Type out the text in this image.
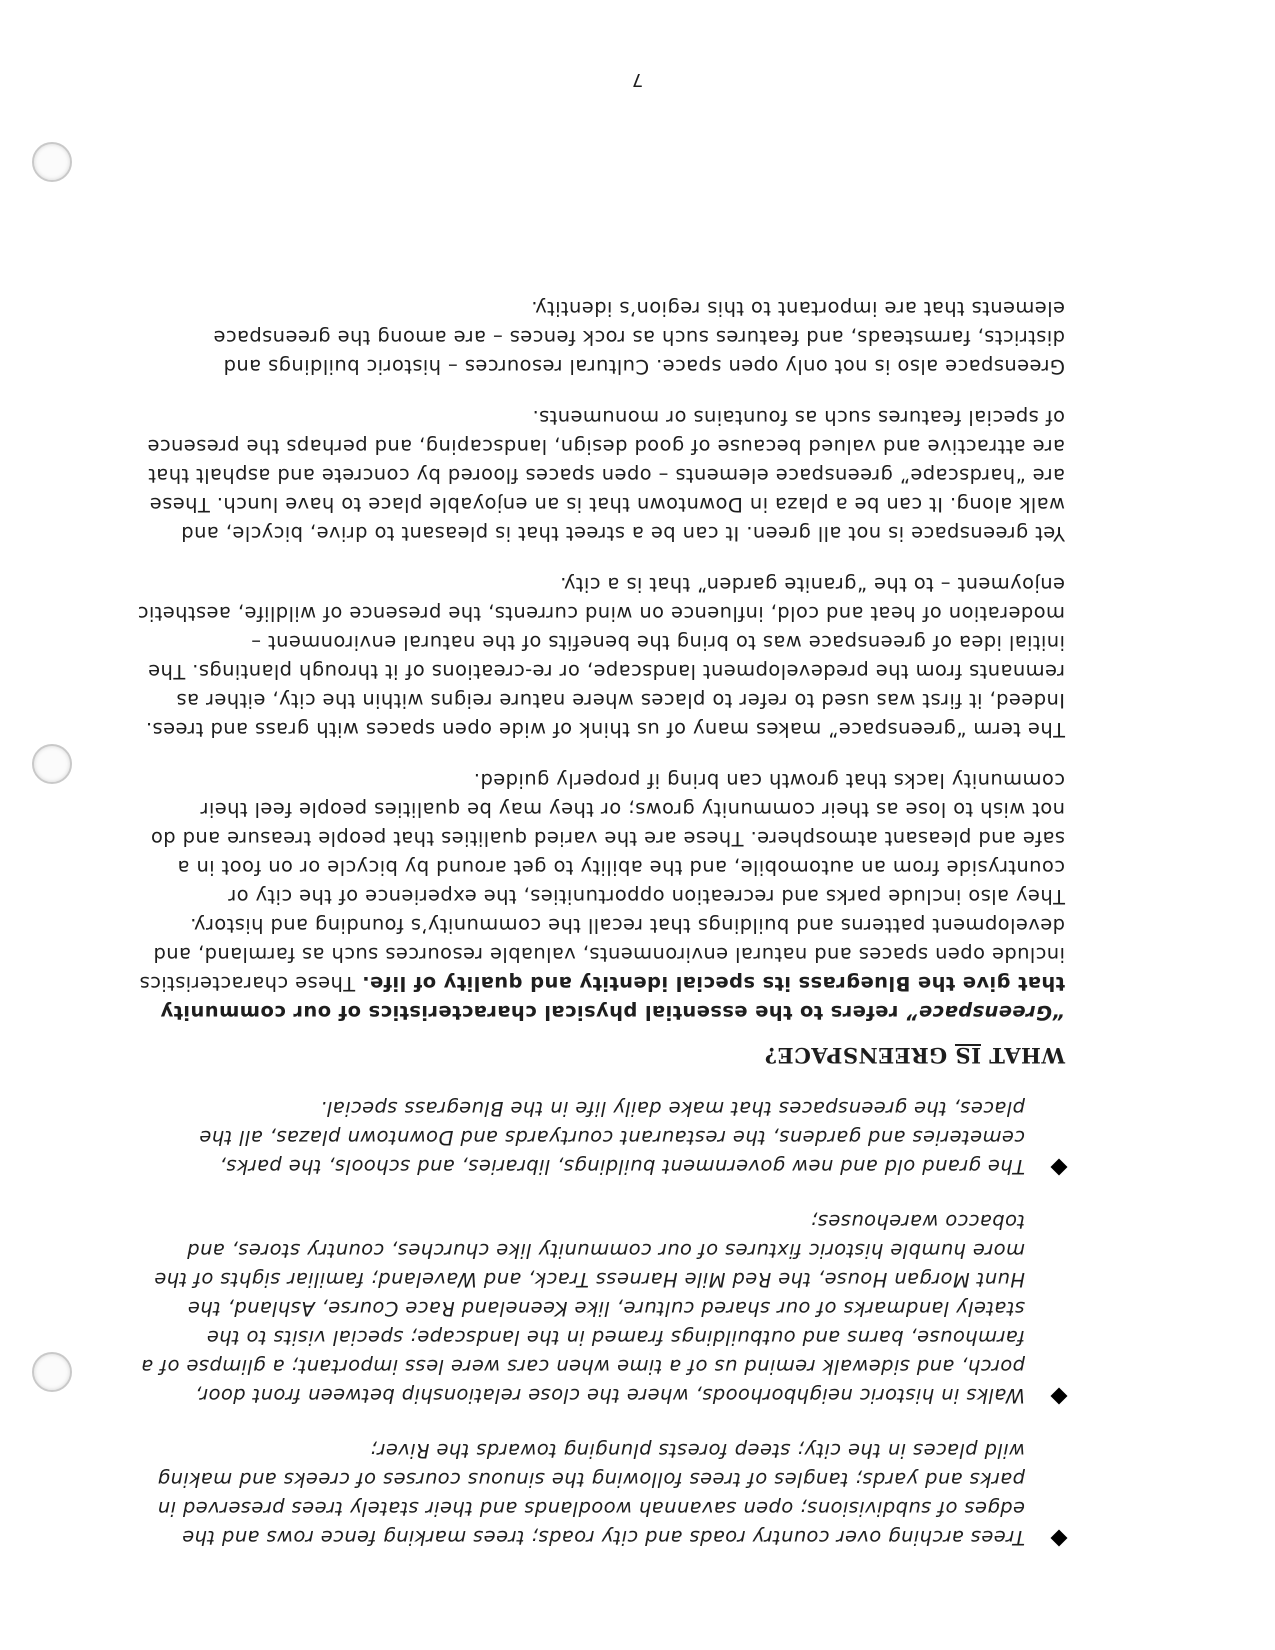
Trees arching over country roads and city roads; trees marking fence rows and the edges of subdivisions; open savannah woodlands and their stately trees preserved in parks and yards; tangles of trees following the sinuous courses of creeks and making wild places in the city; steep forests plunging towards the River;
Walks in historic neighborhoods, where the close relationship between front door, porch, and sidewalk remind us of a time when cars were less important; a glimpse of a farmhouse, barns and outbuildings framed in the landscape; special visits to the stately landmarks of our shared culture, like Keeneland Race Course, Ashland, the Hunt Morgan House, the Red Mile Harness Track, and Waveland; familiar sights of the more humble historic fixtures of our community like churches, country stores, and tobacco warehouses;
The grand old and new government buildings, libraries, and schools, the parks, cemeteries and gardens, the restaurant courtyards and Downtown plazas, all the places, the greenspaces that make daily life in the Bluegrass special.
WHAT IS GREENSPACE?

“Greenspace” refers to the essential physical characteristics of our community that give the Bluegrass its special identity and quality of life. These characteristics include open spaces and natural environments, valuable resources such as farmland, and development patterns and buildings that recall the community’s founding and history. They also include parks and recreation opportunities, the experience of the city or countryside from an automobile, and the ability to get around by bicycle or on foot in a safe and pleasant atmosphere. These are the varied qualities that people treasure and do not wish to lose as their community grows; or they may be qualities people feel their community lacks that growth can bring if properly guided.

The term “greenspace” makes many of us think of wide open spaces with grass and trees. Indeed, it first was used to refer to places where nature reigns within the city, either as remnants from the predevelopment landscape, or re-creations of it through plantings. The initial idea of greenspace was to bring the benefits of the natural environment – moderation of heat and cold, influence on wind currents, the presence of wildlife, aesthetic enjoyment – to the “granite garden” that is a city.

Yet greenspace is not all green. It can be a street that is pleasant to drive, bicycle, and walk along. It can be a plaza in Downtown that is an enjoyable place to have lunch. These are “hardscape” greenspace elements – open spaces floored by concrete and asphalt that are attractive and valued because of good design, landscaping, and perhaps the presence of special features such as fountains or monuments.

Greenspace also is not only open space. Cultural resources – historic buildings and districts, farmsteads, and features such as rock fences – are among the greenspace elements that are important to this region’s identity.

7
